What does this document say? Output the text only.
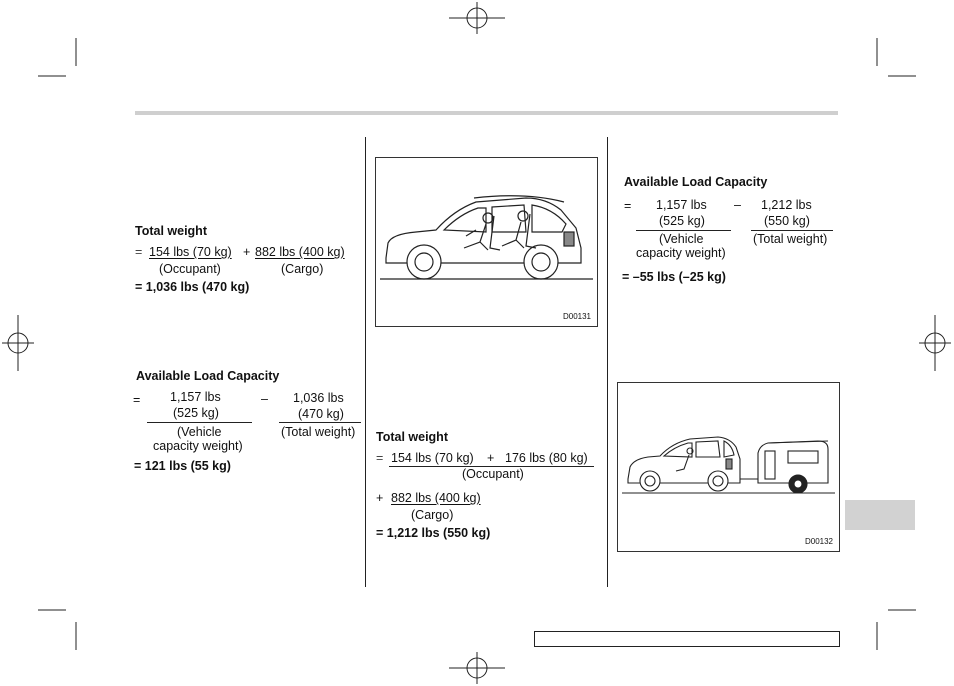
Total weight
= 154 lbs (70 kg) + 882 lbs (400 kg)
(Occupant)	(Cargo)
= 1,036 lbs (470 kg)
Available Load Capacity
= 1,157 lbs
(525 kg)
(Vehicle
capacity weight)
– 1,036 lbs
(470 kg)
(Total weight)
= 121 lbs (55 kg)
D00131
Total weight
= 154 lbs (70 kg) + 176 lbs (80 kg)
(Occupant)
+ 882 lbs (400 kg)
(Cargo)
= 1,212 lbs (550 kg)
Available Load Capacity
= 1,157 lbs
(525 kg)
(Vehicle
capacity weight)
– 1,212 lbs
(550 kg)
(Total weight)
= –55 lbs (–25 kg)
D00132
